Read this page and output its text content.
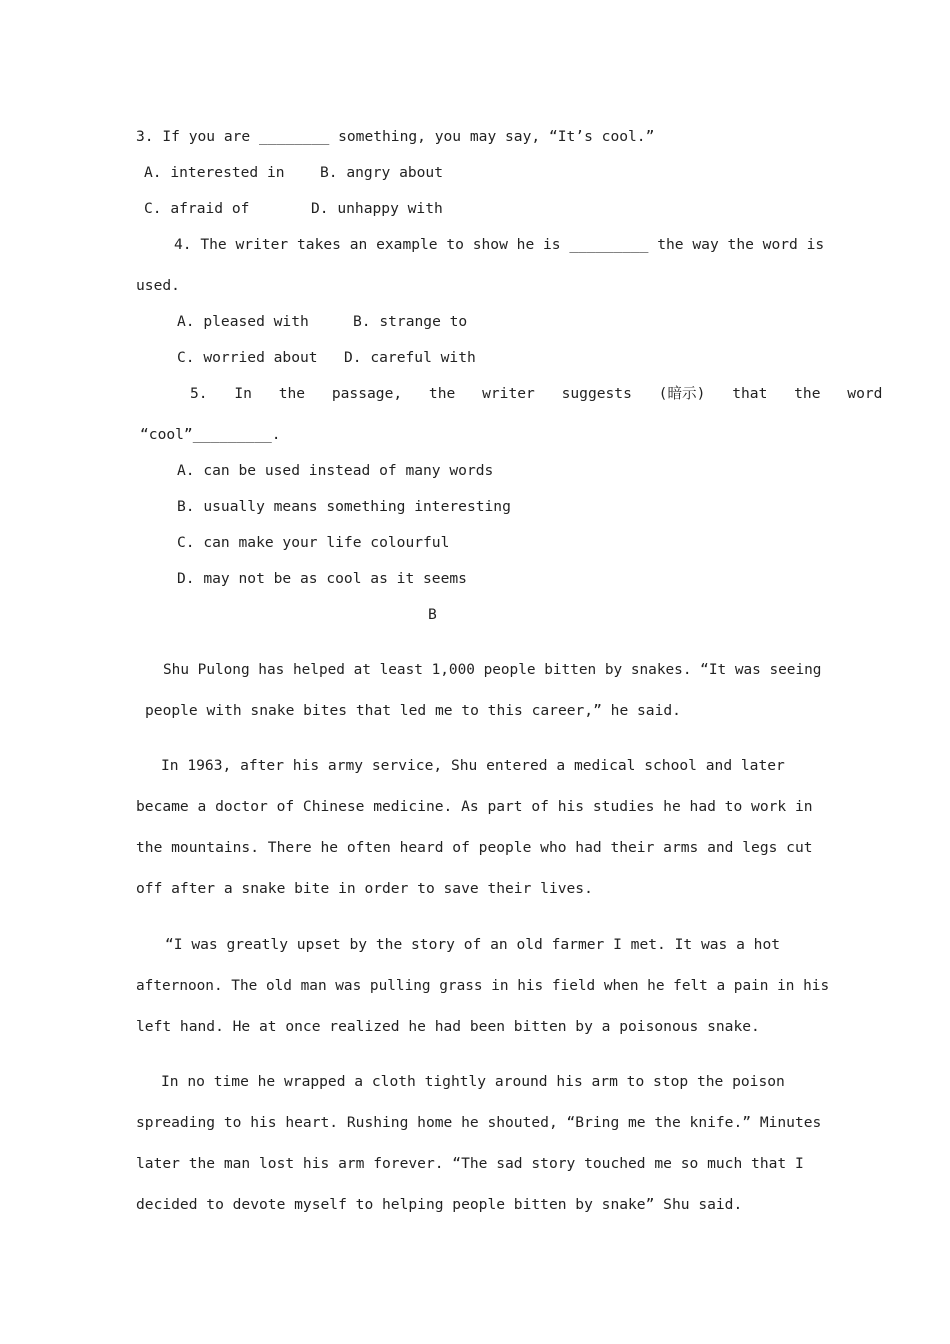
3. If you are ________ something, you may say, “It’s cool.”
A. interested in B. angry about
C. afraid of	D. unhappy with
4. The writer takes an example to show he is _________ the way the word is
used.
A. pleased with	B. strange to
C. worried about D. careful with
5. In the passage, the writer suggests (暗示) that the word
“cool”_________.
A. can be used instead of many words
B. usually means something interesting
C. can make your life colourful
D. may not be as cool as it seems
B
Shu Pulong has helped at least 1,000 people bitten by snakes. “It was seeing
people with snake bites that led me to this career,” he said.
In 1963, after his army service, Shu entered a medical school and later
became a doctor of Chinese medicine. As part of his studies he had to work in
the mountains. There he often heard of people who had their arms and legs cut
off after a snake bite in order to save their lives.
“I was greatly upset by the story of an old farmer I met. It was a hot
afternoon. The old man was pulling grass in his field when he felt a pain in his
left hand. He at once realized he had been bitten by a poisonous snake.
In no time he wrapped a cloth tightly around his arm to stop the poison
spreading to his heart. Rushing home he shouted, “Bring me the knife.” Minutes
later the man lost his arm forever. “The sad story touched me so much that I
decided to devote myself to helping people bitten by snake” Shu said.
